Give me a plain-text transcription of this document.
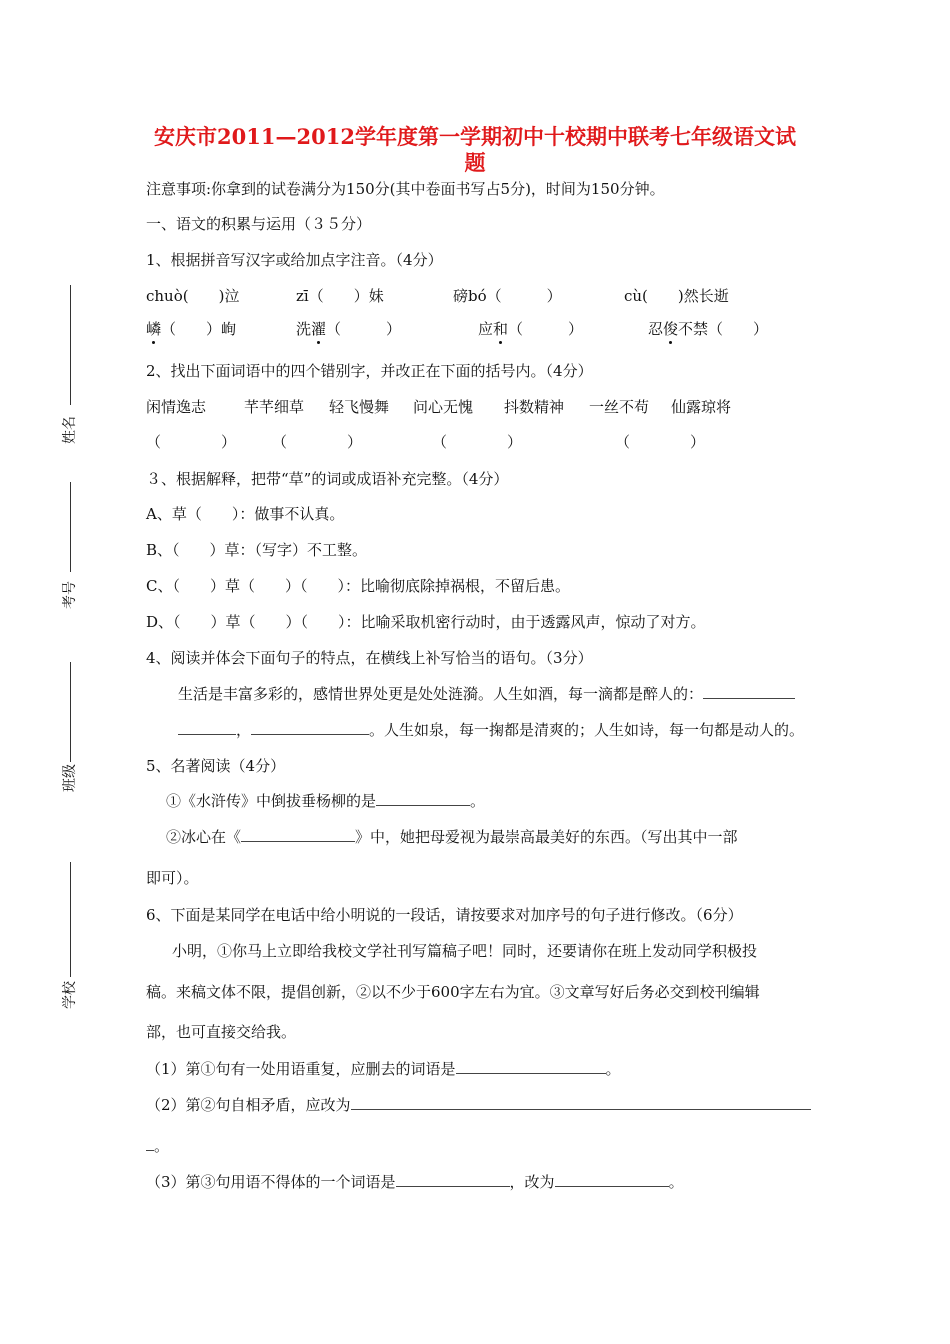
安庆市2011—2012学年度第一学期初中十校期中联考七年级语文试
题
注意事项:你拿到的试卷满分为150分(其中卷面书写占5分)，时间为150分钟。
一、语文的积累与运用（３５分）
1、根据拼音写汉字或给加点字注音。（4分）
chuò(　　)泣	zī（　　）妹	磅bó（　　　）	cù(　　)然长逝
嶙（　　）峋	洗濯（　　　）	应和（　　　）	忍俊不禁（　　）
2、找出下面词语中的四个错别字，并改正在下面的括号内。（4分）
闲情逸志	芊芊细草 轻飞慢舞 问心无愧 抖数精神 一丝不苟 仙露琼将
（　　　　） （　　　　）	（　　　　）	（　　　　）
３、根据解释，把带“草”的词或成语补充完整。（4分）
A、草（　　）：做事不认真。
B、（　　）草：（写字）不工整。
C、（　　）草（　　）（　　）：比喻彻底除掉祸根，不留后患。
D、（　　）草（　　）（　　）：比喻采取机密行动时，由于透露风声，惊动了对方。
4、阅读并体会下面句子的特点，在横线上补写恰当的语句。（3分）
生活是丰富多彩的，感情世界处更是处处涟漪。人生如酒，每一滴都是醉人的：
，	。人生如泉，每一掬都是清爽的；人生如诗，每一句都是动人的。
5、名著阅读（4分）
①《水浒传》中倒拔垂杨柳的是	。
②冰心在《	》中，她把母爱视为最崇高最美好的东西。（写出其中一部
即可）。
6、下面是某同学在电话中给小明说的一段话，请按要求对加序号的句子进行修改。（6分）
小明，①你马上立即给我校文学社刊写篇稿子吧！同时，还要请你在班上发动同学积极投
稿。来稿文体不限，提倡创新，②以不少于600字左右为宜。③文章写好后务必交到校刊编辑
部，也可直接交给我。
（1）第①句有一处用语重复，应删去的词语是	。
（2）第②句自相矛盾，应改为
。
（3）第③句用语不得体的一个词语是	，改为	。
姓名
考号
班级
学校
